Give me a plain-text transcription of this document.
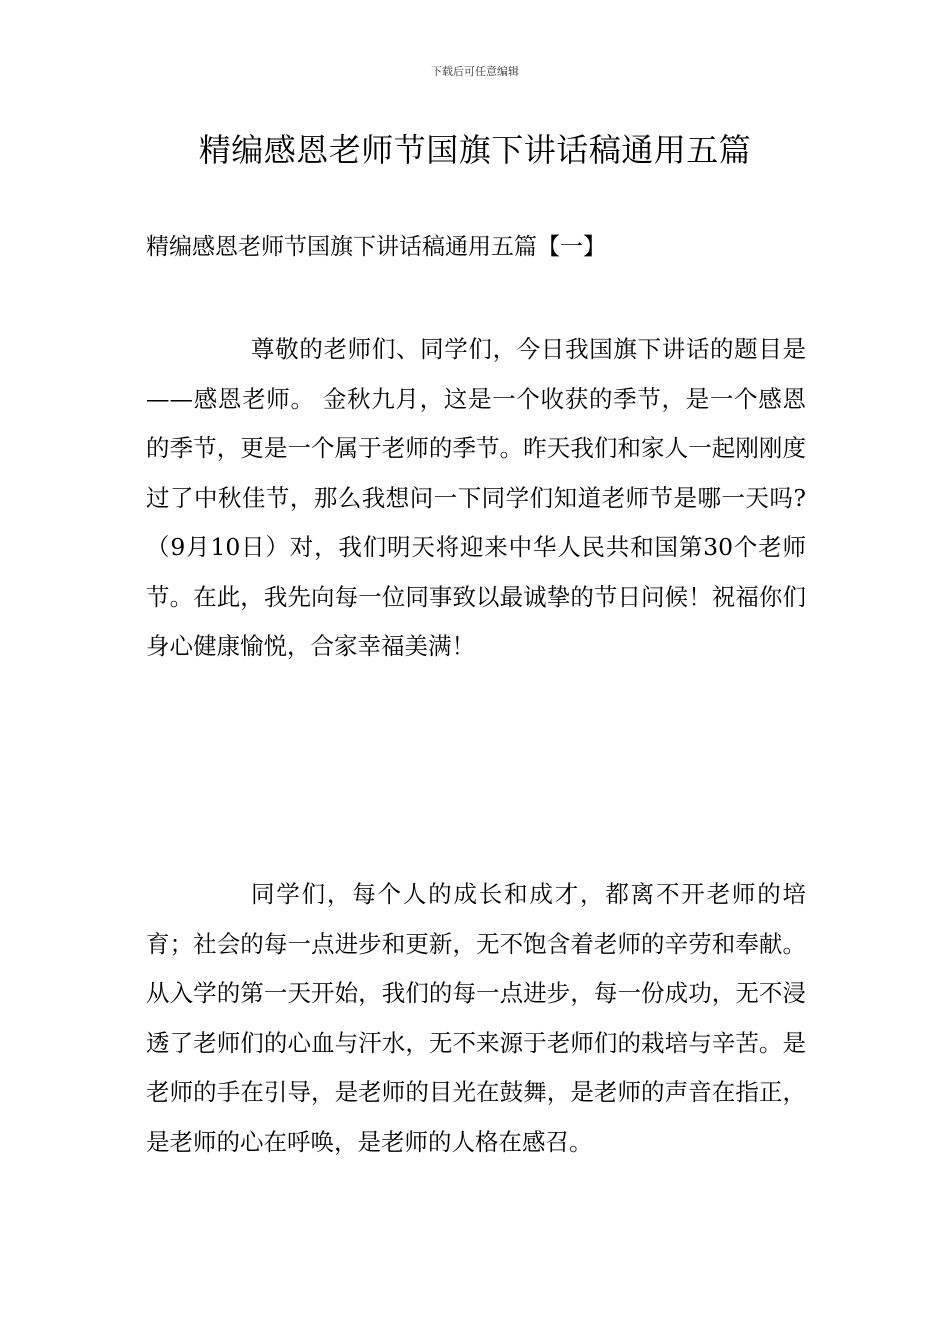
下载后可任意编辑
精编感恩老师节国旗下讲话稿通用五篇
精编感恩老师节国旗下讲话稿通用五篇【一】

尊敬的老师们、同学们，今日我国旗下讲话的题目是——感恩老师。 金秋九月，这是一个收获的季节，是一个感恩的季节，更是一个属于老师的季节。昨天我们和家人一起刚刚度过了中秋佳节，那么我想问一下同学们知道老师节是哪一天吗?（9月10日）对，我们明天将迎来中华人民共和国第30个老师节。在此，我先向每一位同事致以最诚挚的节日问候！祝福你们身心健康愉悦，合家幸福美满！

同学们，每个人的成长和成才，都离不开老师的培育；社会的每一点进步和更新，无不饱含着老师的辛劳和奉献。从入学的第一天开始，我们的每一点进步，每一份成功，无不浸透了老师们的心血与汗水，无不来源于老师们的栽培与辛苦。是老师的手在引导，是老师的目光在鼓舞，是老师的声音在指正，是老师的心在呼唤，是老师的人格在感召。
